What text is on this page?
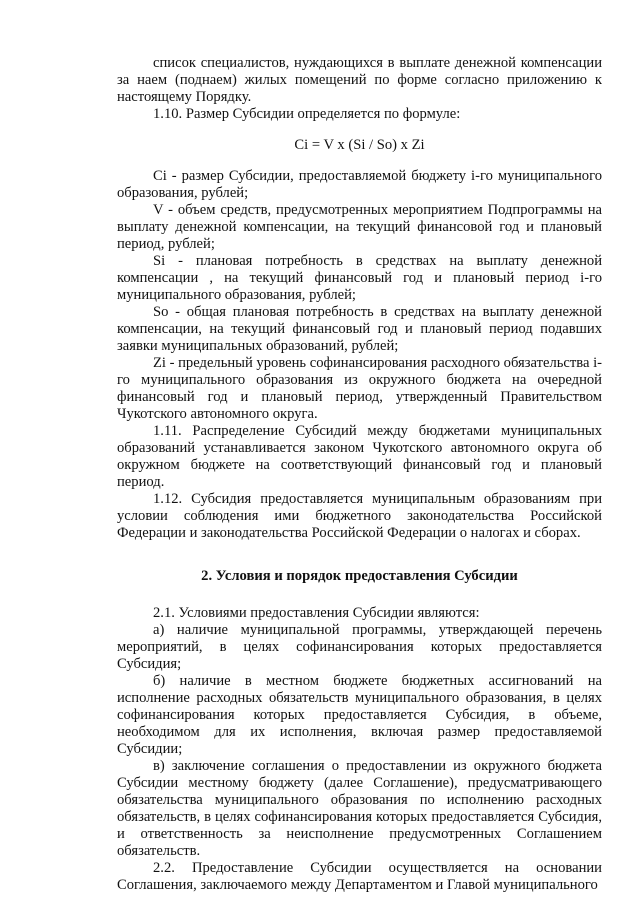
список специалистов, нуждающихся в выплате денежной компенсации за наем (поднаем) жилых помещений по форме согласно приложению к настоящему Порядку.

1.10. Размер Субсидии определяется по формуле:

Ci = V x (Si / So) x Zi

Ci - размер Субсидии, предоставляемой бюджету i-го муниципального образования, рублей;

V - объем средств, предусмотренных мероприятием Подпрограммы на выплату денежной компенсации, на текущий финансовой год и плановый период, рублей;

Si - плановая потребность в средствах на выплату денежной компенсации , на текущий финансовый год и плановый период i-го муниципального образования, рублей;

So - общая плановая потребность в средствах на выплату денежной компенсации, на текущий финансовый год и плановый период подавших заявки муниципальных образований, рублей;

Zi - предельный уровень софинансирования расходного обязательства i-го муниципального образования из окружного бюджета на очередной финансовый год и плановый период, утвержденный Правительством Чукотского автономного округа.

1.11. Распределение Субсидий между бюджетами муниципальных образований устанавливается законом Чукотского автономного округа об окружном бюджете на соответствующий финансовый год и плановый период.

1.12. Субсидия предоставляется муниципальным образованиям при условии соблюдения ими бюджетного законодательства Российской Федерации и законодательства Российской Федерации о налогах и сборах.

2. Условия и порядок предоставления Субсидии

2.1. Условиями предоставления Субсидии являются:

а) наличие муниципальной программы, утверждающей перечень мероприятий, в целях софинансирования которых предоставляется Субсидия;

б) наличие в местном бюджете бюджетных ассигнований на исполнение расходных обязательств муниципального образования, в целях софинансирования которых предоставляется Субсидия, в объеме, необходимом для их исполнения, включая размер предоставляемой Субсидии;

в) заключение соглашения о предоставлении из окружного бюджета Субсидии местному бюджету (далее Соглашение), предусматривающего обязательства муниципального образования по исполнению расходных обязательств, в целях софинансирования которых предоставляется Субсидия, и ответственность за неисполнение предусмотренных Соглашением обязательств.

2.2. Предоставление Субсидии осуществляется на основании Соглашения, заключаемого между Департаментом и Главой муниципального
